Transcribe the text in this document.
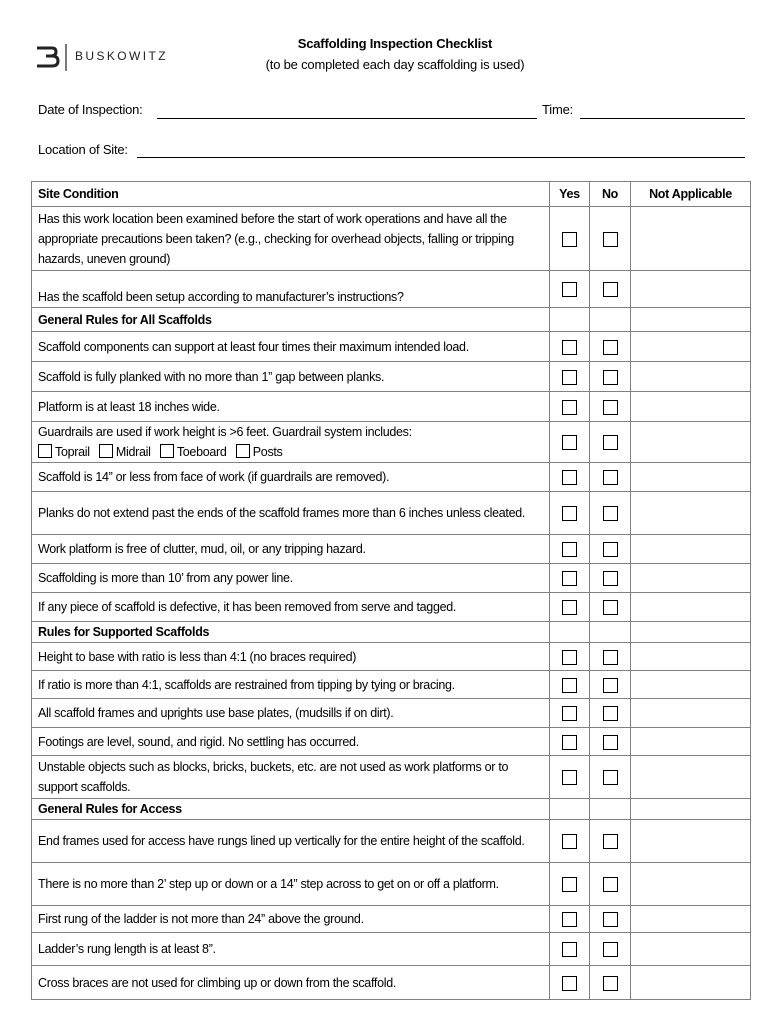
BUSKOWITZ
Scaffolding Inspection Checklist
(to be completed each day scaffolding is used)
Date of Inspection:	Time:
Location of Site:
Site Condition	Yes	No	Not Applicable
Has this work location been examined before the start of work operations and have all the appropriate precautions been taken? (e.g., checking for overhead objects, falling or tripping hazards, uneven ground)			
Has the scaffold been setup according to manufacturer’s instructions?			
General Rules for All Scaffolds			
Scaffold components can support at least four times their maximum intended load.			
Scaffold is fully planked with no more than 1” gap between planks.			
Platform is at least 18 inches wide.			

Guardrails are used if work height is >6 feet. Guardrail system includes:
Toprail Midrail Toeboard Posts			

Scaffold is 14” or less from face of work (if guardrails are removed).			
Planks do not extend past the ends of the scaffold frames more than 6 inches unless cleated.			
Work platform is free of clutter, mud, oil, or any tripping hazard.			
Scaffolding is more than 10’ from any power line.			
If any piece of scaffold is defective, it has been removed from serve and tagged.			
Rules for Supported Scaffolds			
Height to base with ratio is less than 4:1 (no braces required)			
If ratio is more than 4:1, scaffolds are restrained from tipping by tying or bracing.			
All scaffold frames and uprights use base plates, (mudsills if on dirt).			
Footings are level, sound, and rigid. No settling has occurred.			
Unstable objects such as blocks, bricks, buckets, etc. are not used as work platforms or to support scaffolds.			
General Rules for Access			
End frames used for access have rungs lined up vertically for the entire height of the scaffold.			
There is no more than 2’ step up or down or a 14” step across to get on or off a platform.			
First rung of the ladder is not more than 24” above the ground.			
Ladder’s rung length is at least 8”.			
Cross braces are not used for climbing up or down from the scaffold.			
